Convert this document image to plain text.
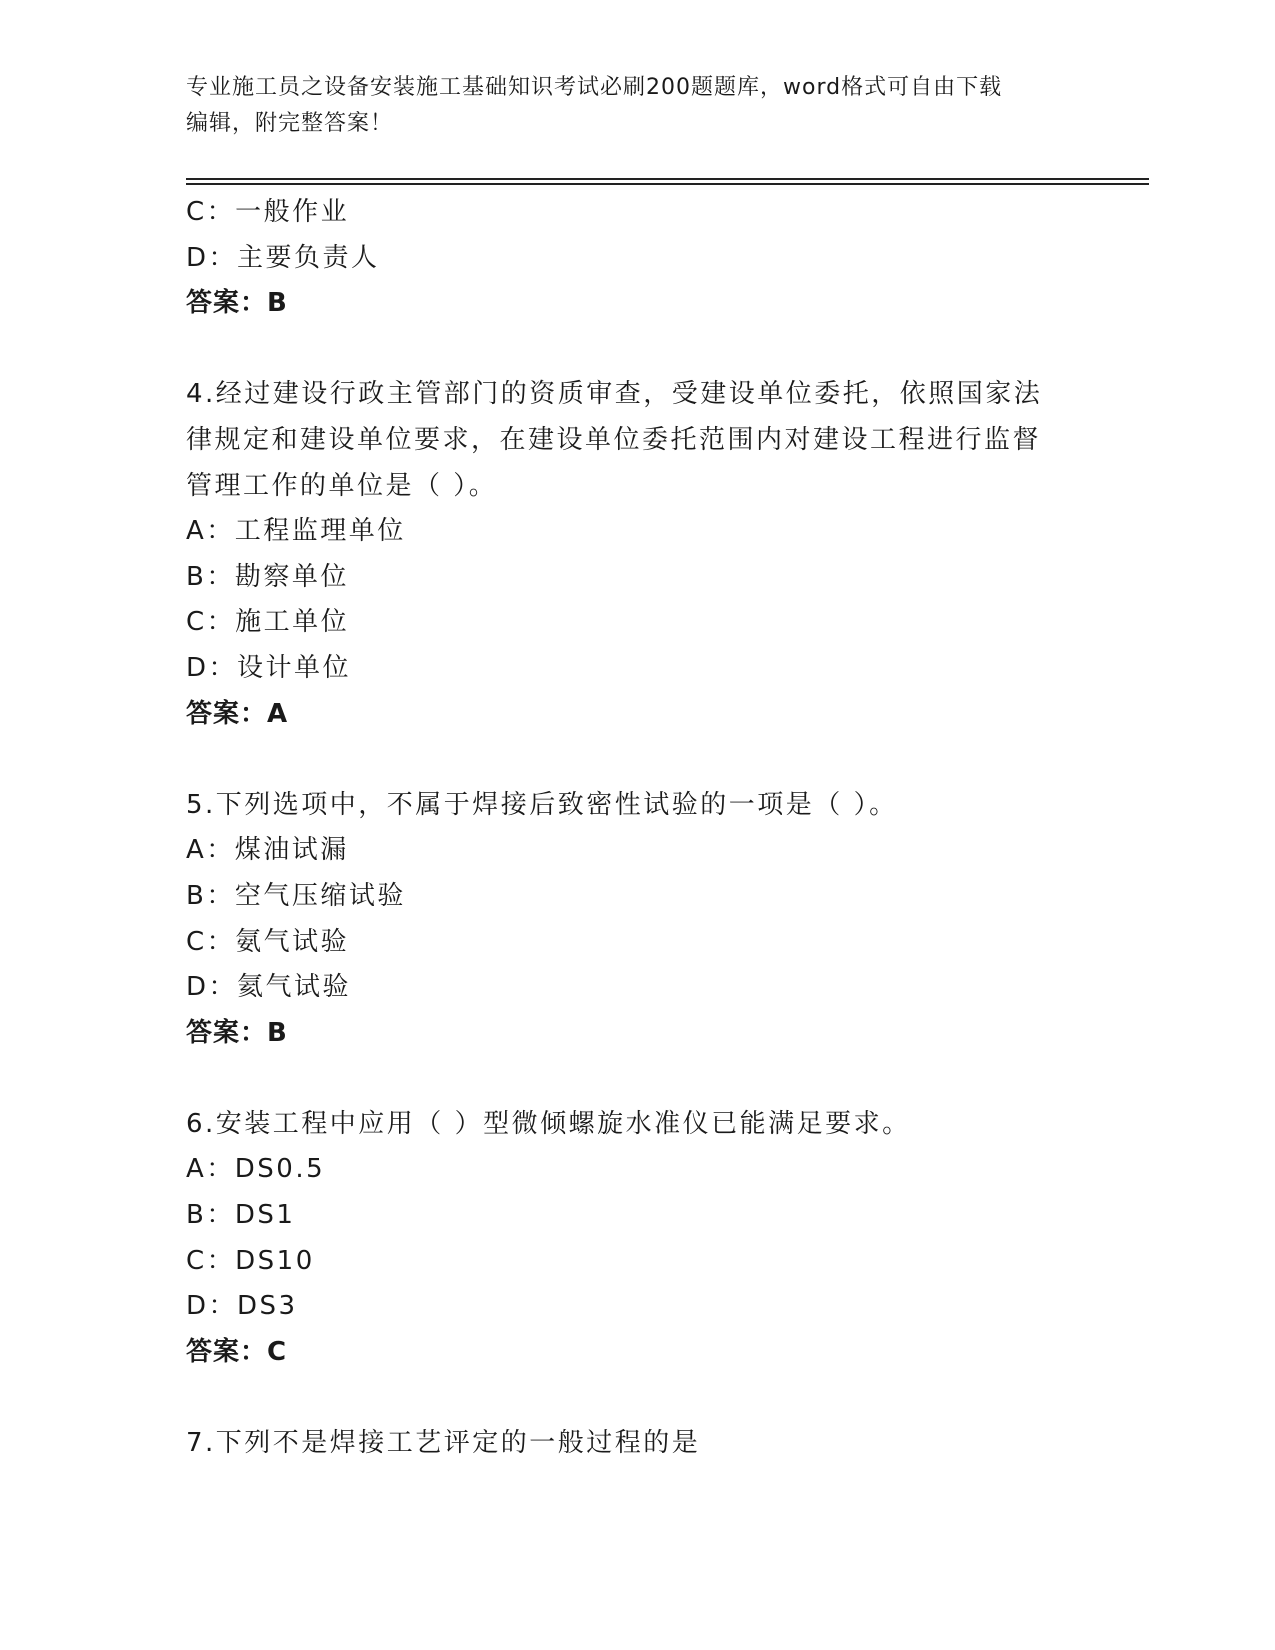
专业施工员之设备安装施工基础知识考试必刷200题题库，word格式可自由下载
编辑，附完整答案！
C：一般作业
D：主要负责人
答案：B
4.经过建设行政主管部门的资质审查，受建设单位委托，依照国家法
律规定和建设单位要求，在建设单位委托范围内对建设工程进行监督
管理工作的单位是（ ）。
A：工程监理单位
B：勘察单位
C：施工单位
D：设计单位
答案：A
5.下列选项中，不属于焊接后致密性试验的一项是（ ）。
A：煤油试漏
B：空气压缩试验
C：氨气试验
D：氦气试验
答案：B
6.安装工程中应用（ ）型微倾螺旋水准仪已能满足要求。
A：DS0.5
B：DS1
C：DS10
D：DS3
答案：C
7.下列不是焊接工艺评定的一般过程的是
